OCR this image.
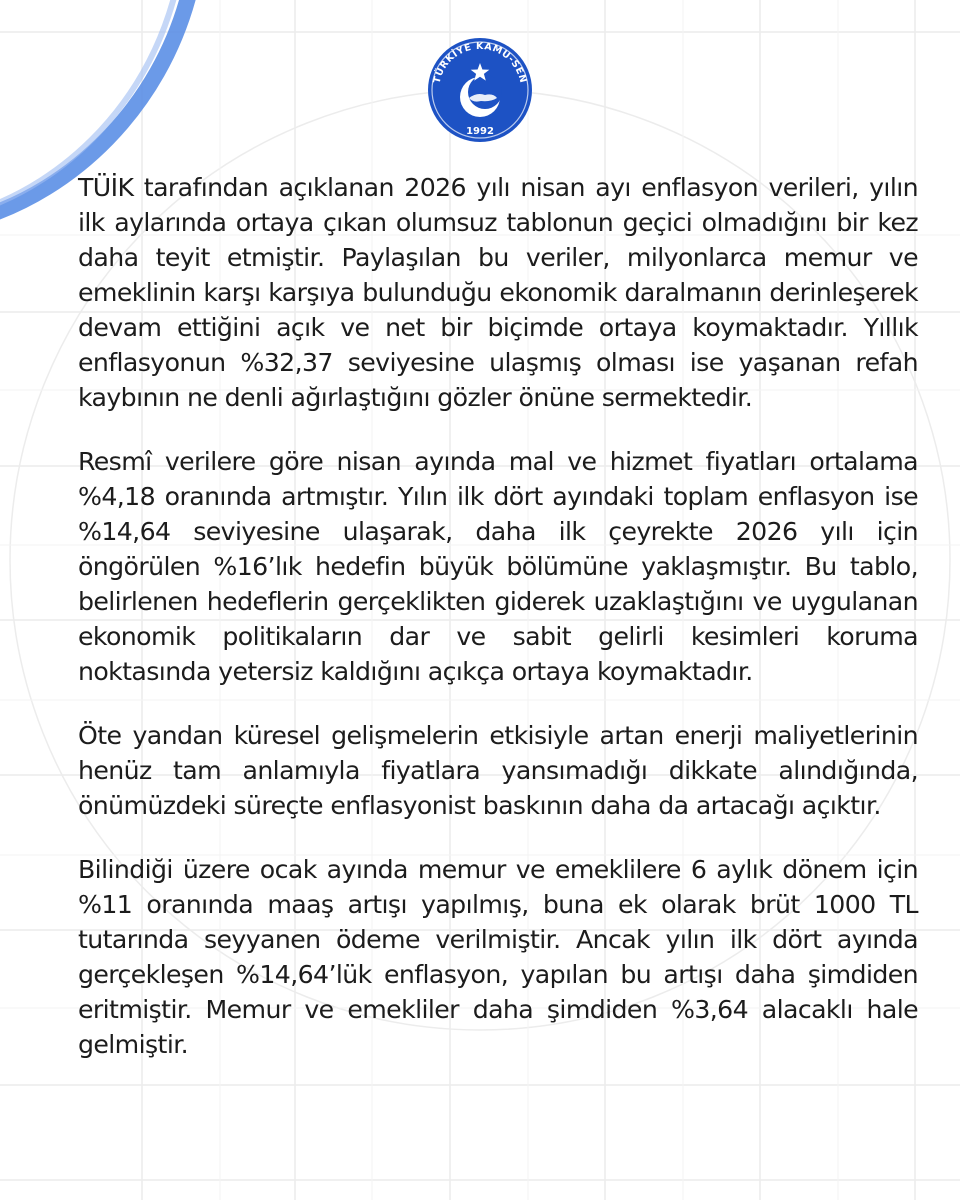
TÜRKİYE KAMU-SEN
1992

TÜİK tarafından açıklanan 2026 yılı nisan ayı enflasyon verileri, yılın ilk aylarında ortaya çıkan olumsuz tablonun geçici olmadığını bir kez daha teyit etmiştir. Paylaşılan bu veriler, milyonlarca memur ve emeklinin karşı karşıya bulunduğu ekonomik daralmanın derinleşerek devam ettiğini açık ve net bir biçimde ortaya koymaktadır. Yıllık enflasyonun %32,37 seviyesine ulaşmış olması ise yaşanan refah kaybının ne denli ağırlaştığını gözler önüne sermektedir.

Resmî verilere göre nisan ayında mal ve hizmet fiyatları ortalama %4,18 oranında artmıştır. Yılın ilk dört ayındaki toplam enflasyon ise %14,64 seviyesine ulaşarak, daha ilk çeyrekte 2026 yılı için öngörülen %16’lık hedefin büyük bölümüne yaklaşmıştır. Bu tablo, belirlenen hedeflerin gerçeklikten giderek uzaklaştığını ve uygulanan ekonomik politikaların dar ve sabit gelirli kesimleri koruma noktasında yetersiz kaldığını açıkça ortaya koymaktadır.

Öte yandan küresel gelişmelerin etkisiyle artan enerji maliyetlerinin henüz tam anlamıyla fiyatlara yansımadığı dikkate alındığında, önümüzdeki süreçte enflasyonist baskının daha da artacağı açıktır.

Bilindiği üzere ocak ayında memur ve emeklilere 6 aylık dönem için %11 oranında maaş artışı yapılmış, buna ek olarak brüt 1000 TL tutarında seyyanen ödeme verilmiştir. Ancak yılın ilk dört ayında gerçekleşen %14,64’lük enflasyon, yapılan bu artışı daha şimdiden eritmiştir. Memur ve emekliler daha şimdiden %3,64 alacaklı hale gelmiştir.
